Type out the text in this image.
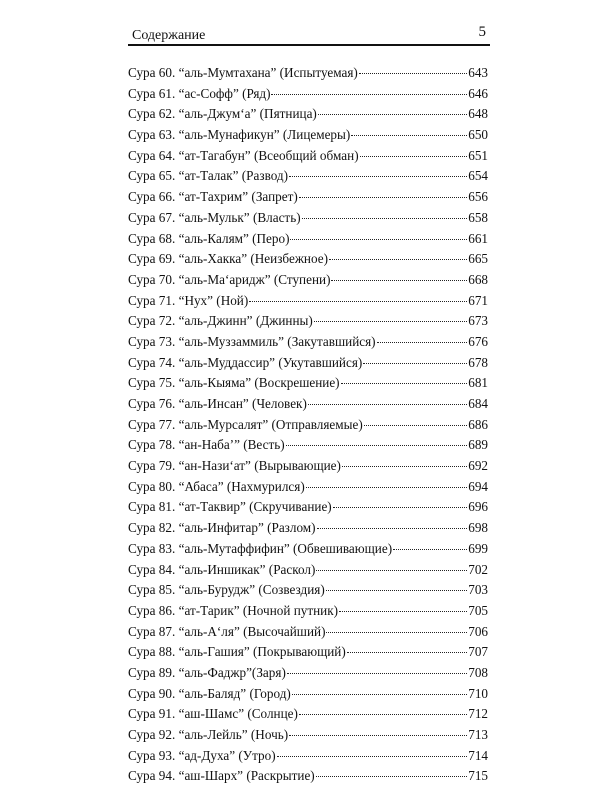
Содержание	5
Сура 60. “аль-Мумтахана” (Испытуемая)	643
Сура 61. “ас-Софф” (Ряд)	646
Сура 62. “аль-Джум‘а” (Пятница)	648
Сура 63. “аль-Мунафикун” (Лицемеры)	650
Сура 64. “ат-Тагабун” (Всеобщий обман)	651
Сура 65. “ат-Талак” (Развод)	654
Сура 66. “ат-Тахрим” (Запрет)	656
Сура 67. “аль-Мульк” (Власть)	658
Сура 68. “аль-Калям” (Перо)	661
Сура 69. “аль-Хакка” (Неизбежное)	665
Сура 70. “аль-Ма‘аридж” (Ступени)	668
Сура 71. “Нух” (Ной)	671
Сура 72. “аль-Джинн” (Джинны)	673
Сура 73. “аль-Муззаммиль” (Закутавшийся)	676
Сура 74. “аль-Муддассир” (Укутавшийся)	678
Сура 75. “аль-Кыяма” (Воскрешение)	681
Сура 76. “аль-Инсан” (Человек)	684
Сура 77. “аль-Мурсалят” (Отправляемые)	686
Сура 78. “ан-Наба’” (Весть)	689
Сура 79. “ан-Нази‘ат” (Вырывающие)	692
Сура 80. “Абаса” (Нахмурился)	694
Сура 81. “ат-Таквир” (Скручивание)	696
Сура 82. “аль-Инфитар” (Разлом)	698
Сура 83. “аль-Мутаффифин” (Обвешивающие)	699
Сура 84. “аль-Иншикак” (Раскол)	702
Сура 85. “аль-Бурудж” (Созвездия)	703
Сура 86. “ат-Тарик” (Ночной путник)	705
Сура 87. “аль-А‘ля” (Высочайший)	706
Сура 88. “аль-Гашия” (Покрывающий)	707
Сура 89. “аль-Фаджр”(Заря)	708
Сура 90. “аль-Баляд” (Город)	710
Сура 91. “аш-Шамс” (Солнце)	712
Сура 92. “аль-Лейль” (Ночь)	713
Сура 93. “ад-Духа” (Утро)	714
Сура 94. “аш-Шарх” (Раскрытие)	715
